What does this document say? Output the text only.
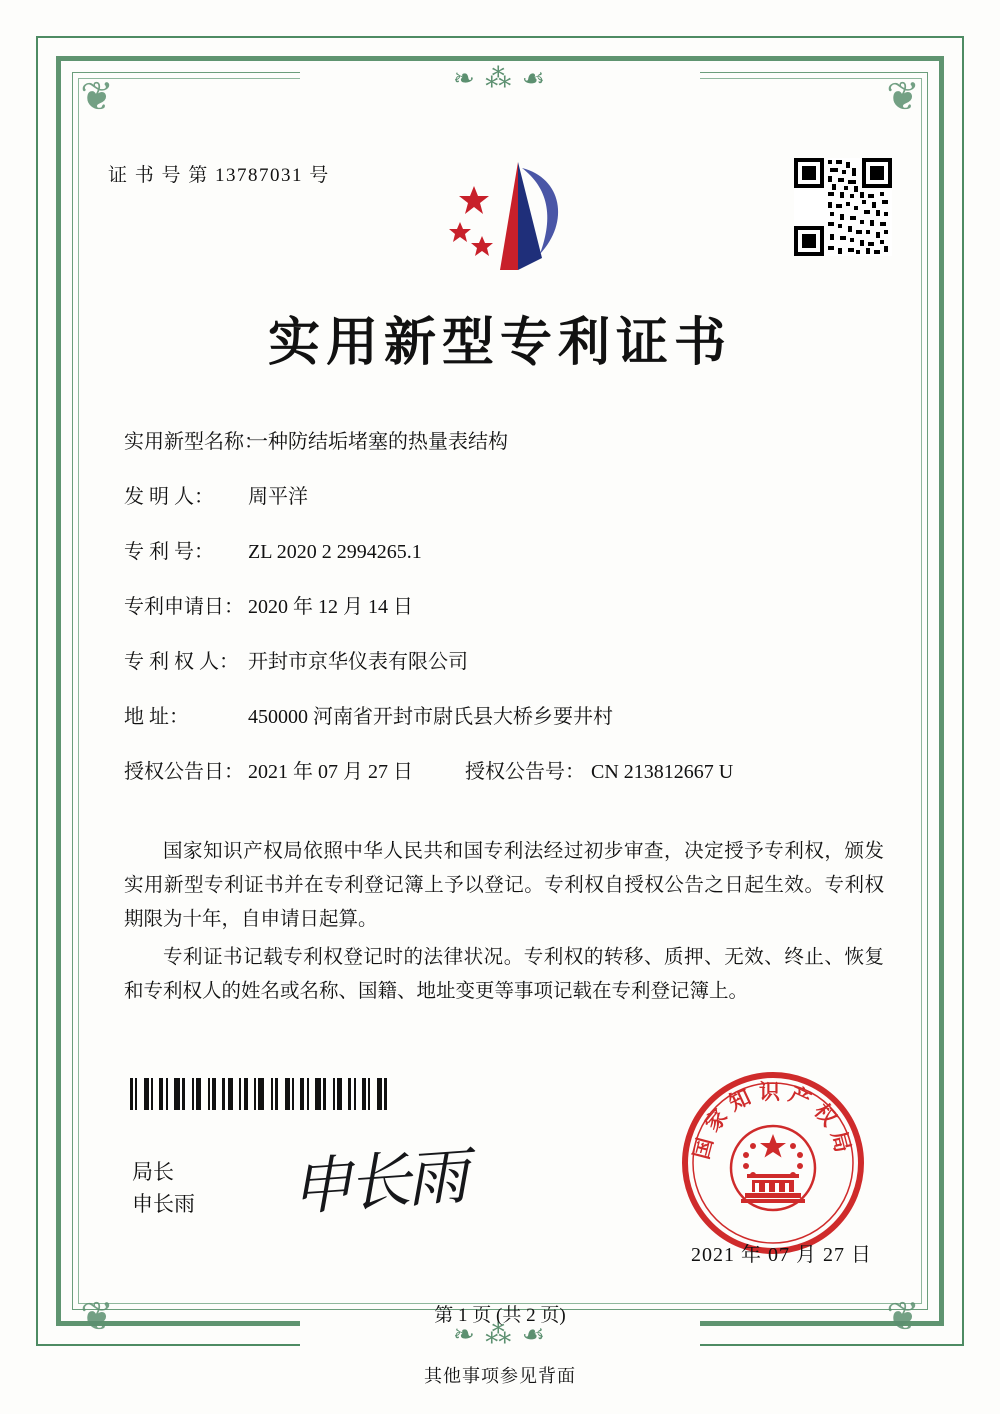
❧ ⁂ ☙
❧ ⁂ ☙
❦	❦
❦	❦
证 书 号 第 13787031 号
实用新型专利证书
实用新型名称：一种防结垢堵塞的热量表结构
发 明 人： 周平洋
专 利 号： ZL 2020 2 2994265.1
专利申请日： 2020 年 12 月 14 日
专 利 权 人： 开封市京华仪表有限公司
地 址：	450000 河南省开封市尉氏县大桥乡要井村
授权公告日： 2021 年 07 月 27 日	授权公告号： CN 213812667 U

国家知识产权局依照中华人民共和国专利法经过初步审查，决定授予专利权，颁发实用新型专利证书并在专利登记簿上予以登记。专利权自授权公告之日起生效。专利权期限为十年，自申请日起算。

专利证书记载专利权登记时的法律状况。专利权的转移、质押、无效、终止、恢复和专利权人的姓名或名称、国籍、地址变更等事项记载在专利登记簿上。

局长
申长雨 申长雨	国家知识产权局
2021 年 07 月 27 日
第 1 页 (共 2 页)
其他事项参见背面
